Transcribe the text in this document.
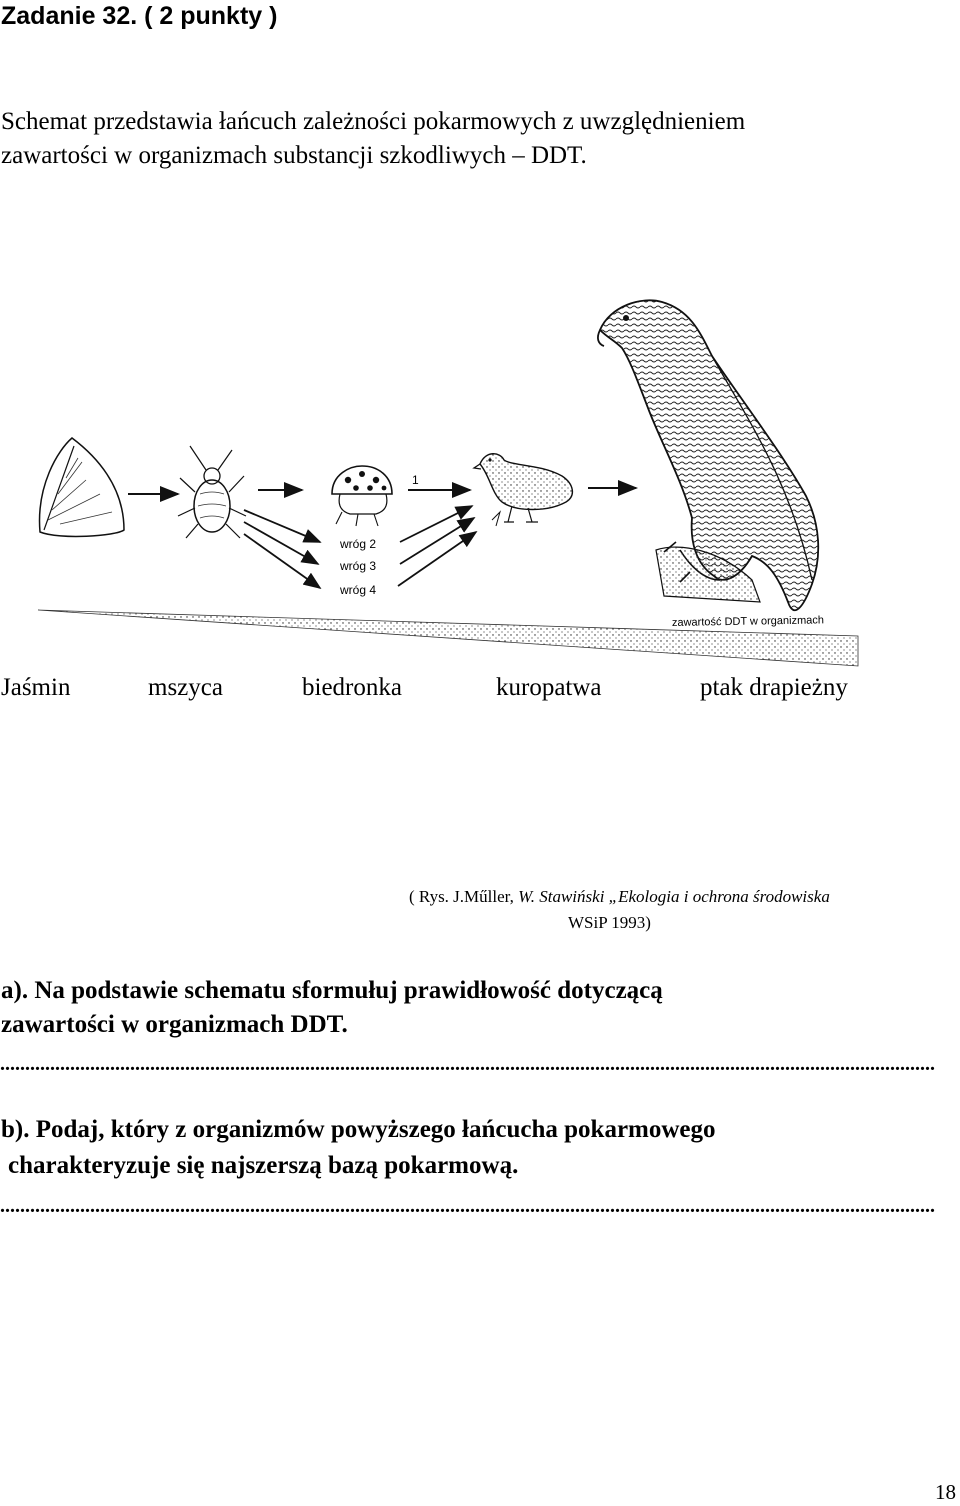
Zadanie 32. ( 2 punkty )
Schemat przedstawia łańcuch zależności pokarmowych z uwzględnieniem
zawartości w organizmach substancji szkodliwych – DDT.
zawartość DDT w organizmach
1
wróg 2
wróg 3
wróg 4
Jaśmin	mszyca	biedronka	kuropatwa	ptak drapieżny
( Rys. J.Műller, W. Stawiński „Ekologia i ochrona środowiska
WSiP 1993)
a). Na podstawie schematu sformułuj prawidłowość dotyczącą
zawartości w organizmach DDT.
...........................................................................................................................................................................................
b). Podaj, który z organizmów powyższego łańcucha pokarmowego
charakteryzuje się najszerszą bazą pokarmową.
...........................................................................................................................................................................................
18
